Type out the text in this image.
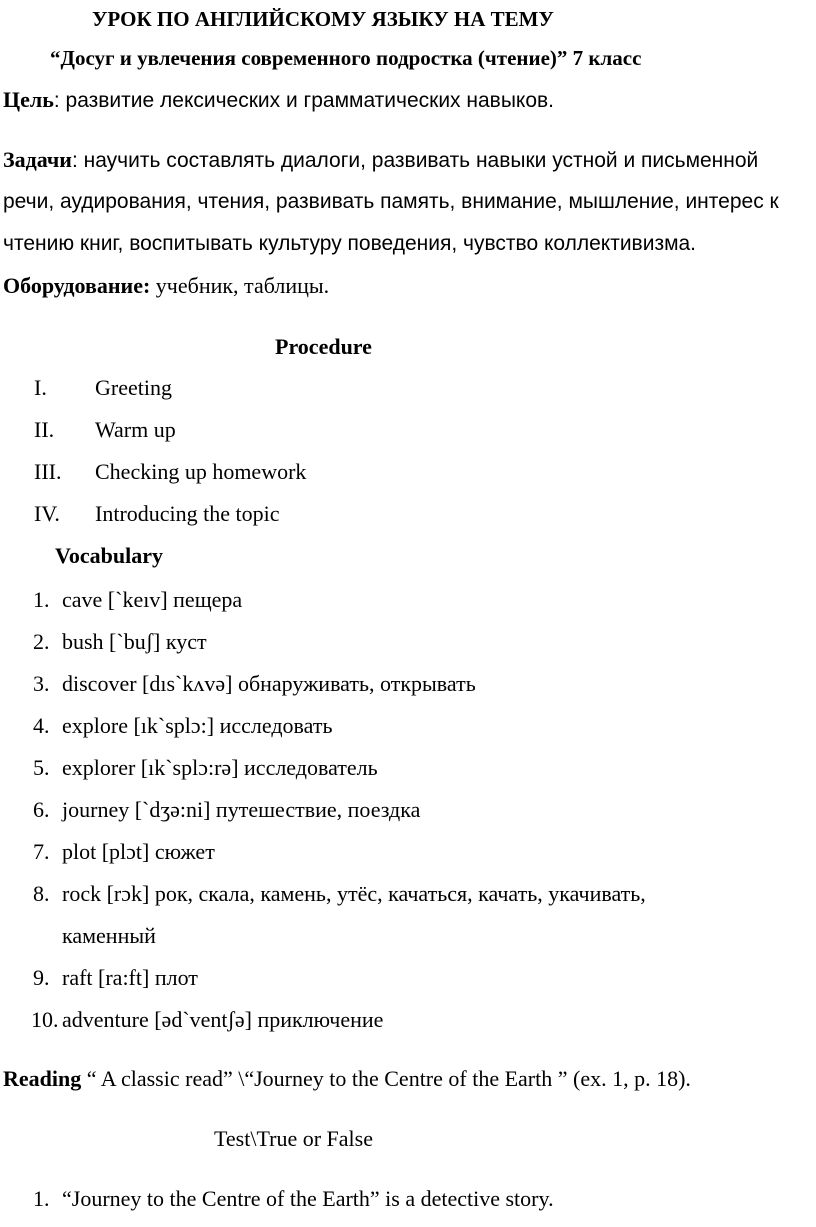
УРОК ПО АНГЛИЙСКОМУ ЯЗЫКУ НА ТЕМУ
“Досуг и увлечения современного подростка (чтение)” 7 класс
Цель: развитие лексических и грамматических навыков.
Задачи: научить составлять диалоги, развивать навыки устной и письменной
речи, аудирования, чтения, развивать память, внимание, мышление, интерес к
чтению книг, воспитывать культуру поведения, чувство коллективизма.
Оборудование: учебник, таблицы.
Procedure
I. Greeting
II. Warm up
III. Checking up homework
IV. Introducing the topic
Vocabulary
1. cave [`keıv] пещера
2. bush [`buʃ] куст
3. discover [dıs`kʌvə] обнаруживать, открывать
4. explore [ık`splɔ:] исследовать
5. explorer [ık`splɔ:rə] исследователь
6. journey [`dʒə:ni] путешествие, поездка
7. plot [plɔt] сюжет
8. rock [rɔk] рок, скала, камень, утёс, качаться, качать, укачивать,
каменный
9. raft [ra:ft] плот
10. adventure [əd`ventʃə] приключение
Reading “ A classic read” \“Journey to the Centre of the Earth ” (ex. 1, p. 18).
Test\True or False
1. “Journey to the Centre of the Earth” is a detective story.
